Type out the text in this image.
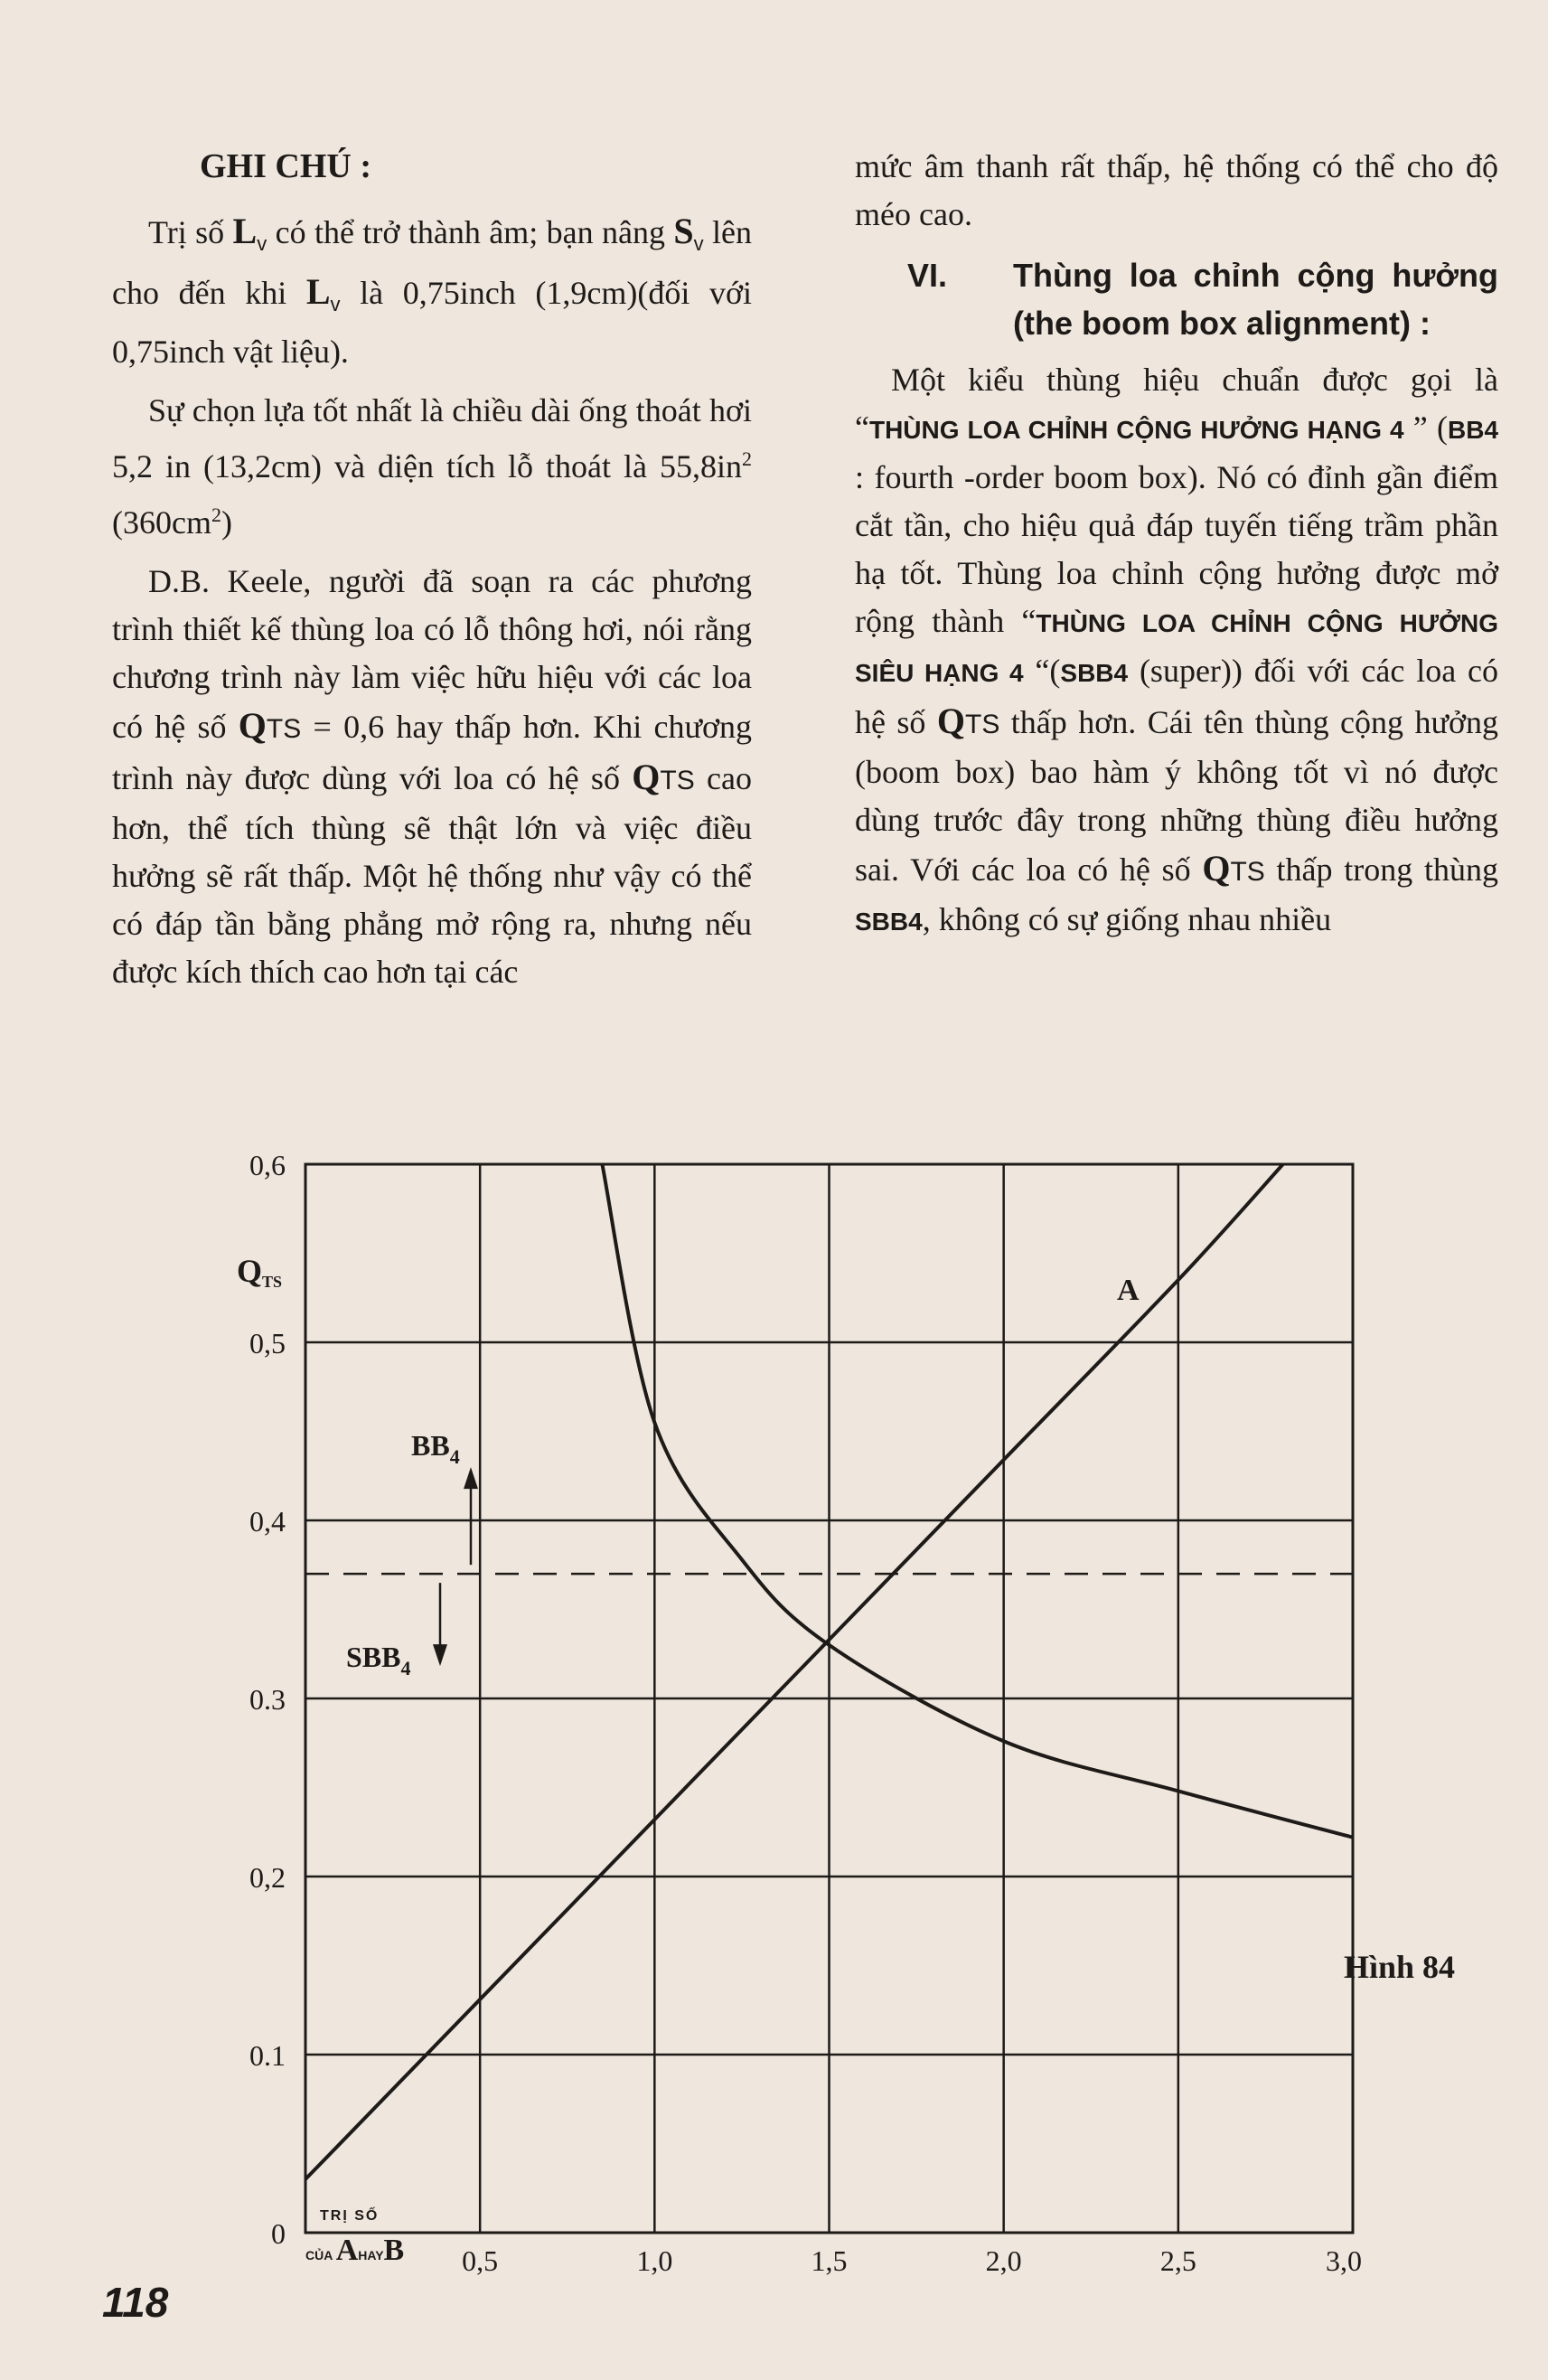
GHI CHÚ :

Trị số $L_v$ có thể trở thành âm; bạn nâng $S_v$ lên cho đến khi $L_v$ là 0,75inch (1,9cm)(đối với 0,75inch vật liệu).

Sự chọn lựa tốt nhất là chiều dài ống thoát hơi 5,2 in (13,2cm) và diện tích lỗ thoát là $55,8in^2$ $(360cm^2)$

D.B. Keele, người đã soạn ra các phương trình thiết kế thùng loa có lỗ thông hơi, nói rằng chương trình này làm việc hữu hiệu với các loa có hệ số QTS = 0,6 hay thấp hơn. Khi chương trình này được dùng với loa có hệ số QTS cao hơn, thể tích thùng sẽ thật lớn và việc điều hưởng sẽ rất thấp. Một hệ thống như vậy có thể có đáp tần bằng phẳng mở rộng ra, nhưng nếu được kích thích cao hơn tại các

mức âm thanh rất thấp, hệ thống có thể cho độ méo cao.

VI.	Thùng loa chỉnh cộng hưởng (the boom box alignment) :

Một kiểu thùng hiệu chuẩn được gọi là “THÙNG LOA CHỈNH CỘNG HƯỞNG HẠNG 4 ” (BB4 : fourth -order boom box). Nó có đỉnh gần điểm cắt tần, cho hiệu quả đáp tuyến tiếng trầm phần hạ tốt. Thùng loa chỉnh cộng hưởng được mở rộng thành “THÙNG LOA CHỈNH CỘNG HƯỞNG SIÊU HẠNG 4 “(SBB4 (super)) đối với các loa có hệ số QTS thấp hơn. Cái tên thùng cộng hưởng (boom box) bao hàm ý không tốt vì nó được dùng trước đây trong những thùng điều hưởng sai. Với các loa có hệ số QTS thấp trong thùng SBB4, không có sự giống nhau nhiều

0,5	1,0	1,5	2,0	2,5	3,0
0
0.1
0,2
0.3
0,4
0,5
0,6
$BB_4$
$SBB_4$
A
QTS
TRỊ SỐ
CỦA AHAYB
Hình 84
118
